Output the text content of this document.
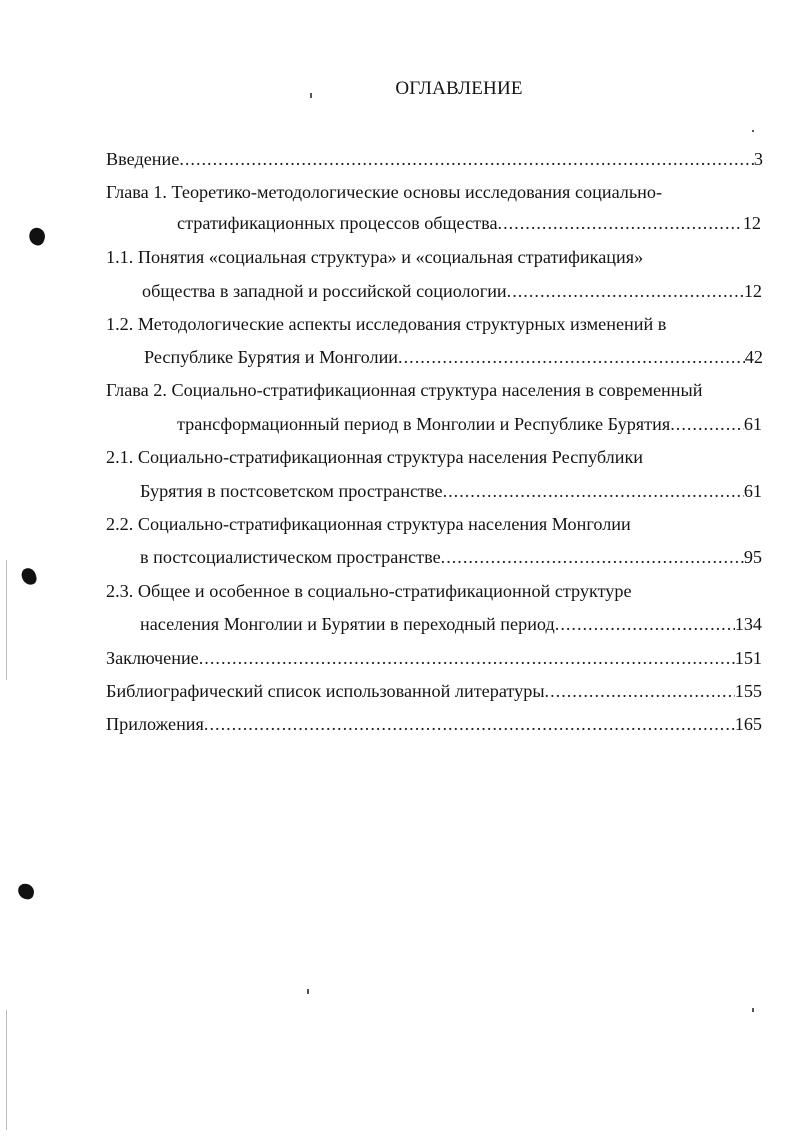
ОГЛАВЛЕНИЕ
Введение .....	3
Глава 1. Теоретико-методологические основы исследования социально-
стратификационных процессов общества .....	12
1.1. Понятия «социальная структура» и «социальная стратификация»
общества в западной и российской социологии .....	12
1.2. Методологические аспекты исследования структурных изменений в
Республике Бурятия и Монголии .....	42
Глава 2. Социально-стратификационная структура населения в современный
трансформационный период в Монголии и Республике Бурятия .....	61
2.1. Социально-стратификационная структура населения Республики
Бурятия в постсоветском пространстве .....	61
2.2. Социально-стратификационная структура населения Монголии
в постсоциалистическом пространстве .....	95
2.3. Общее и особенное в социально-стратификационной структуре
населения Монголии и Бурятии в переходный период .....	134
Заключение .....	151
Библиографический список использованной литературы .....	155
Приложения .....	165
